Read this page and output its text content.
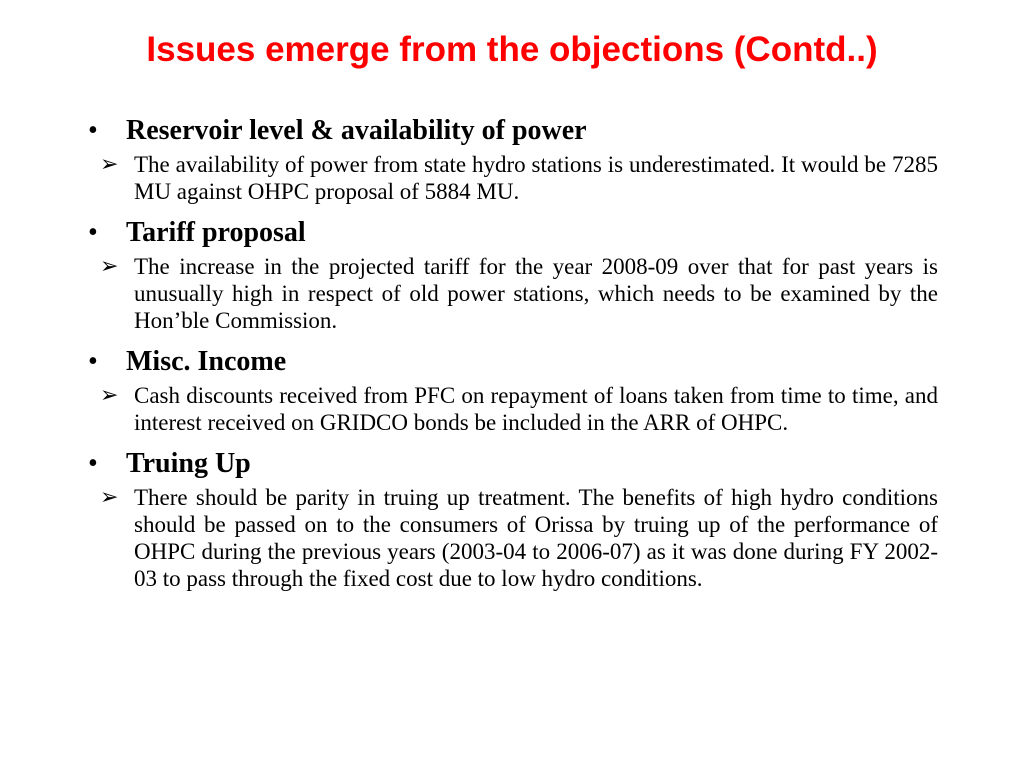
Issues emerge from the objections (Contd..)
• Reservoir level & availability of power
➢ The availability of power from state hydro stations is underestimated. It would be 7285 MU against OHPC proposal of 5884 MU.
• Tariff proposal
➢ The increase in the projected tariff for the year 2008-09 over that for past years is unusually high in respect of old power stations, which needs to be examined by the Hon’ble Commission.
• Misc. Income
➢ Cash discounts received from PFC on repayment of loans taken from time to time, and interest received on GRIDCO bonds be included in the ARR of OHPC.
• Truing Up
➢ There should be parity in truing up treatment. The benefits of high hydro conditions should be passed on to the consumers of Orissa by truing up of the performance of OHPC during the previous years (2003-04 to 2006-07) as it was done during FY 2002-03 to pass through the fixed cost due to low hydro conditions.
